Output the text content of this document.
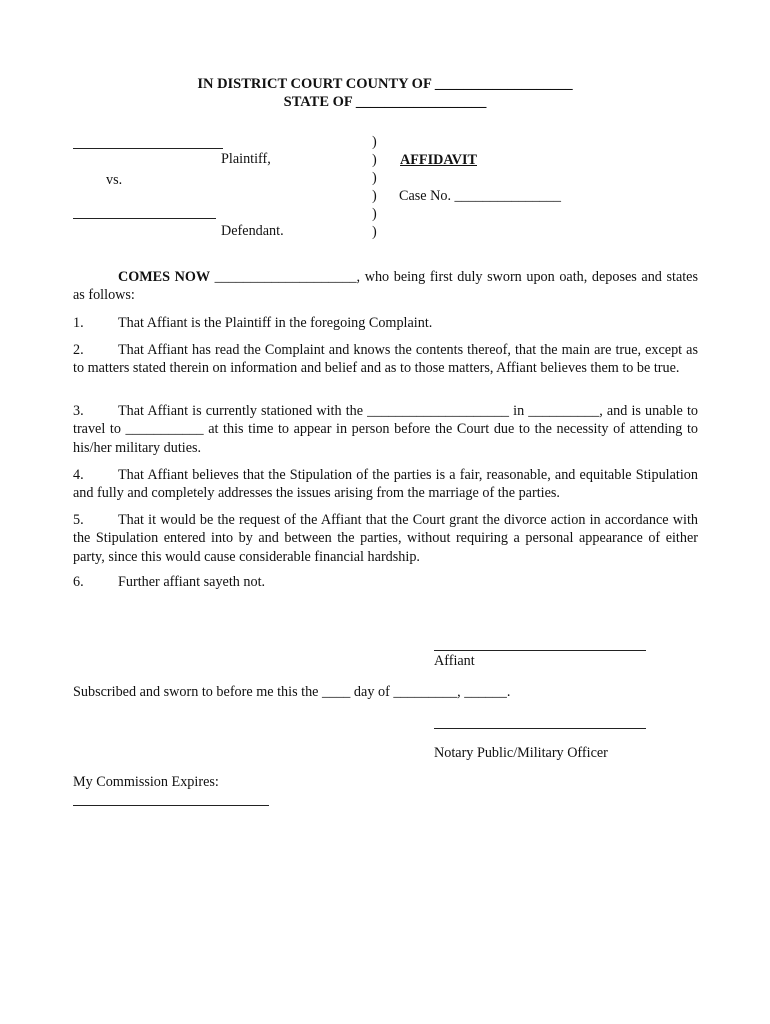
IN DISTRICT COURT COUNTY OF ___________________
STATE OF __________________
Plaintiff,
vs.
Defendant.
)
)
)
)
)
)
AFFIDAVIT
Case No. _______________
COMES NOW ____________________, who being first duly sworn upon oath, deposes and states as follows:
1. That Affiant is the Plaintiff in the foregoing Complaint.
2. That Affiant has read the Complaint and knows the contents thereof, that the main are true, except as to matters stated therein on information and belief and as to those matters, Affiant believes them to be true.
3. That Affiant is currently stationed with the ____________________ in __________, and is unable to travel to ___________ at this time to appear in person before the Court due to the necessity of attending to his/her military duties.
4. That Affiant believes that the Stipulation of the parties is a fair, reasonable, and equitable Stipulation and fully and completely addresses the issues arising from the marriage of the parties.
5. That it would be the request of the Affiant that the Court grant the divorce action in accordance with the Stipulation entered into by and between the parties, without requiring a personal appearance of either party, since this would cause considerable financial hardship.
6. Further affiant sayeth not.
Affiant
Subscribed and sworn to before me this the ____ day of _________, ______.
Notary Public/Military Officer
My Commission Expires:
